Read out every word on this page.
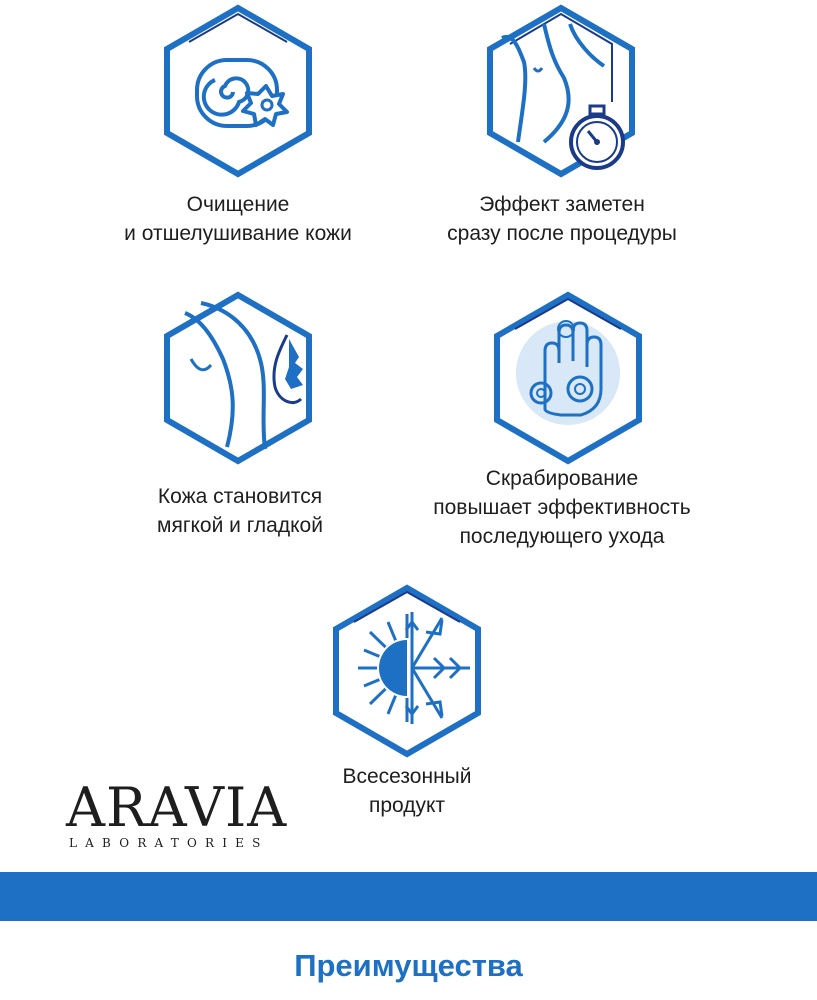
Очищение
и отшелушивание кожи
Эффект заметен
сразу после процедуры
Кожа становится
мягкой и гладкой
Скрабирование
повышает эффективность
последующего ухода
Всесезонный
продукт
ARAVIA
LABORATORIES
Преимущества
